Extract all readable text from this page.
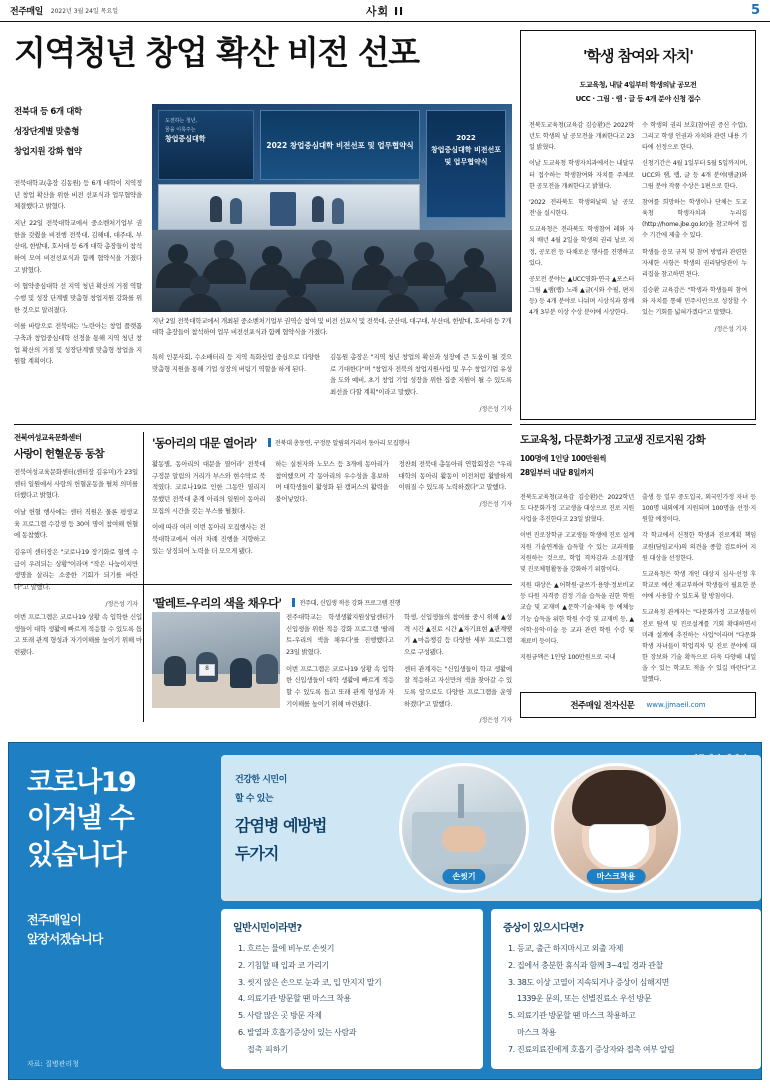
전주매일 2022년 3월 24일 목요일	사회 II	5
지역청년 창업 확산 비전 선포
전북대 등 6개 대학
성장단계별 맞춤형
창업지원 강화 협약
도전하는 청년,
꿈을 이룩주는
창업중심대학
2022 창업중심대학 비전선포 및 업무협약식
2022
창업중심대학 비전선포 및 업무협약식
지난 2일 전북대학교에서 개최된 중소벤처기업부 권역승 참여 및 비전 선포식 및 전북대, 군산대, 대구대, 부산대, 한밭대, 호서대 등 7개 대학 총장들이 참석하여 업무 비전선포식과 함께 협약식을 가졌다.

전북대학교(총장 김동원) 등 6개 대학이 지역정년 창업 확산을 위한 비전 선포식과 업무협약을 체결했다고 밝혔다.

지난 22일 전북대학교에서 중소벤처기업부 권한을 갖췄을 비전행 전북대, 김해대, 대주대, 부산대, 한밭대, 호서대 등 6개 대학 총장들이 참석하여 모여 비전선포식과 함께 협약식을 가졌다고 밝혔다.

이 협약중심대학 선 지역 청년 확산의 거점 역할 수행 및 성장 단계별 맞춤형 창업지원 강화를 위한 것으로 알려졌다.

이를 바탕으로 전북대는 '노란아는 창업 플랫폼 구축과 창업중심대학 선정을 통해 지역 청년 창업 확산의 거점 및 성장단계별 맞춤형 창업을 지원할 계획이다.

특히 인문사회, 수소배터리 등 지역 특화산업 중심으로 다양한 맞춤형 지원을 통해 기업 성장의 버팀기 역할을 하게 된다.

김동원 총장은 "지역 청년 창업의 확산과 성장에 큰 도움이 될 것으로 기대한다"며 "창업자 전북의 창업지원사업 및 우수 창업기업 유성을 도와 예비, 초기 창업 기업 성장을 위한 집중 지원이 될 수 있도록 최선을 다할 계획"이라고 말했다.

/정은성 기자
전북여성교육문화센터
사랑이 헌혈운동 동참

전북여성교육문화센터(센터장 김유미)가 23일 센터 일원에서 사랑의 헌혈운동을 펼쳐 의미를 더했다고 밝혔다.

이날 헌혈 행사에는 센터 직원은 물론 평생교육 프로그램 수강생 등 30여 명이 참여해 헌혈에 동참했다.

김유미 센터장은 "코로나19 장기화로 혈액 수급이 우려되는 상황"이라며 "작은 나눔이지만 생명을 살리는 소중한 기회가 되기를 바란다"고 말했다.

/정은성 기자
'동아리의 대문 열어라'	전북대 총동연, 구정문 알림의거리서 동아리 모집행사

활동별, 동아리의 대문을 열어라' 전북대 구정문 알림의 거리가 부스와 현수막로 북적였다. 코로나19로 인한 그동안 열리지 못했던 전북대 춘계 아리의 일원이 동아리 모집의 시간을 갖는 부스를 펼쳤다.

이에 따라 여러 이번 동아리 모집행사는 전북대학교에서 여러 차례 진행을 지향하고 있는 상징되어 노력을 더 모으게 됐다.

하는 실천자와 노모스 등 3개에 동아리가 참여했으며 각 동아리의 우수성을 홍보하며 대학생들이 활성화 된 캠퍼스의 활력을 불어넣었다.

정찬희 전북대 총동아리 연합회장은 "우리 대학의 동아리 활동이 이전처럼 활발하게 이뤄질 수 있도록 노력하겠다"고 말했다.

/정은성 기자
'팔레트-우리의 색을 채우다'	전주대, 신입생 적응 강화 프로그램 진행
8

전주대학교는 학생생활지원상담센터가 신입생을 위한 적응 강화 프로그램 '팔레트-우리의 색을 채우다'를 진행했다고 23일 밝혔다.

이번 프로그램은 코로나19 상황 속 입학한 신입생들이 대학 생활에 빠르게 적응할 수 있도록 돕고 또래 관계 형성과 자기이해를 높이기 위해 마련됐다.

학생, 신입생들의 참여를 중시 위해 ▲성격 시간 ▲진로 시간 ▲자기표현 ▲관계맺기 ▲마음챙김 등 다양한 세부 프로그램으로 구성됐다.

센터 관계자는 "신입생들이 학교 생활에 잘 적응하고 자신만의 색을 찾아갈 수 있도록 앞으로도 다양한 프로그램을 운영하겠다"고 말했다.

/정은성 기자

이번 프로그램은 코로나19 상황 속 입학한 신입생들이 대학 생활에 빠르게 적응할 수 있도록 돕고 또래 관계 형성과 자기이해를 높이기 위해 마련됐다.

'학생 참여와 자치'
도교육청, 내달 4일부터 학생의날 공모전
UCC · 그림 · 램 · 글 등 4개 분야 신청 접수

전북도교육청(교육감 김승환)은 2022학년도 학생의 날 공모전을 개최한다고 23일 밝혔다.

이날 도교육청 학생자치과에서는 내달부터 접수하는 학생참여와 자치를 주제로 한 공모전을 개최한다고 밝혔다.

'2022 전라북도 학생의날의 날 공모전'을 실시한다.

도교육청은 전라북도 학생참여 레와 자치 배년 4월 2일을 학생의 권리 날로 지정, 공모전 등 다채로운 행사를 진행하고 있다.

공모전 분야는 ▲UCC영화·연극 ▲포스터 그림 ▲램(랩) 노래 ▲글(시와 수필, 편지 등) 등 4개 분야로 나뉘며 시상식과 함께 4개 3부분 이상 수상 분야에 시상한다.

수 학생의 권리 보호(참여권 증신 수업), 그리고 학생 인권과 자치와 관련 내용 기타에 선정으로 한다.

신청기간은 4월 1일부터 5월 5일까지며, UCC와 램, 랩, 글 등 4개 분야(램글)와 그림 분야 작품 수상은 1편으로 한다.

참여를 희망하는 학생이나 단체는 도교육청 학생자치과 누리집(http://home.jbe.go.kr)을 참고하여 접수 기간에 제출 수 있다.

학생들 응모 규칙 및 참여 방법과 관련한 자세한 사항은 학생의 권리담당관이 누리집을 참고하면 된다.

김승환 교육감은 "학생과 학생들의 참여와 자치를 통해 민주시민으로 성장할 수 있는 기회를 넓혀가겠다"고 말했다.

/정은성 기자
도교육청, 다문화가정 고교생 진로지원 강화
100명에 1인당 100만원씩
28일부터 내달 8일까지

전북도교육청(교육감 김승환)은 2022학년도 다문화가정 고교생을 대상으로 진로 지원 사업을 추진한다고 23일 밝혔다.

이번 진로장학금 고교생들 학생에 진로 설계 지원 기술연계을 습득할 수 있는 교과적률 지원하는 것으로, 학업 격차감과 소질개발 및 진로체험활동을 강화하기 위함이다.

지원 대상은 ▲어학원·글쓰기·용양·정보비교 등 다원 자격증 검정 기술 습득을 권한 학원 교습 및 교재비 ▲문학·기술·체육 등 예체능 기능 습득을 위한 학원 수강 및 교재비 등, ▲어학·음악·미술 등 교과 관련 학원 수강 및 재료비 등이다.

지원금액은 1인당 100만원으로 국내

출생 등 일부 중도입국, 외국인가정 자녀 등 100명 내외에게 지원되며 100명을 선정·지원할 예정이다.

각 학교에서 신청한 학생과 진로계획 책임 교원(담임교사)의 의견을 종합 검토하여 지원 대상을 선정한다.

도교육청은 학생 개인 대상지 심사·선정 후 학교로 예산 재교부하여 학생들이 필요한 분야에 사용할 수 있도록 할 방침이다.

도교육청 관계자는 "다문화가정 고교생들이 진로 탐색 및 진로설계를 기회 확대하면서 미래 설계에 추진하는 사업"이라며 "다문화학생 자녀들이 학업격차 및 진로 분야에 대한 장보와 기술 확득으로 더욱 다양해 내일을 수 있는 학교도 적을 수 있길 바란다"고 말했다.

전주매일 전자신문 www.jjmaeil.com
코로나19
이겨낼 수
있습니다
전주매일이
앞장서겠습니다
자료: 질병관리청
건강한 시민이
할 수 있는
감염병 예방법
두가지
손씻기	마스크착용
일반시민이라면?
1. 흐르는 물에 비누로 손씻기
2. 기침할 때 입과 코 가리기
3. 씻지 않은 손으로 눈과 코, 입 만지지 말기
4. 의료기관 방문할 땐 마스크 착용
5. 사람 많은 곳 방문 자제
6. 발열과 호흡기증상이 있는 사람과
접촉 피하기
증상이 있으시다면?
1. 등교, 출근 하지마시고 외출 자제
2. 집에서 충분한 휴식과 함께 3~4일 경과 관찰
3. 38도 이상 고열이 지속되거나 증상이 심해지면
1339운 문의, 또는 선별진료소 우선 방문
5. 의료기관 방문할 땐 마스크 착용하고
마스크 착용
7. 진료의료진에게 호흡기 증상자와 접촉 여부 알림
